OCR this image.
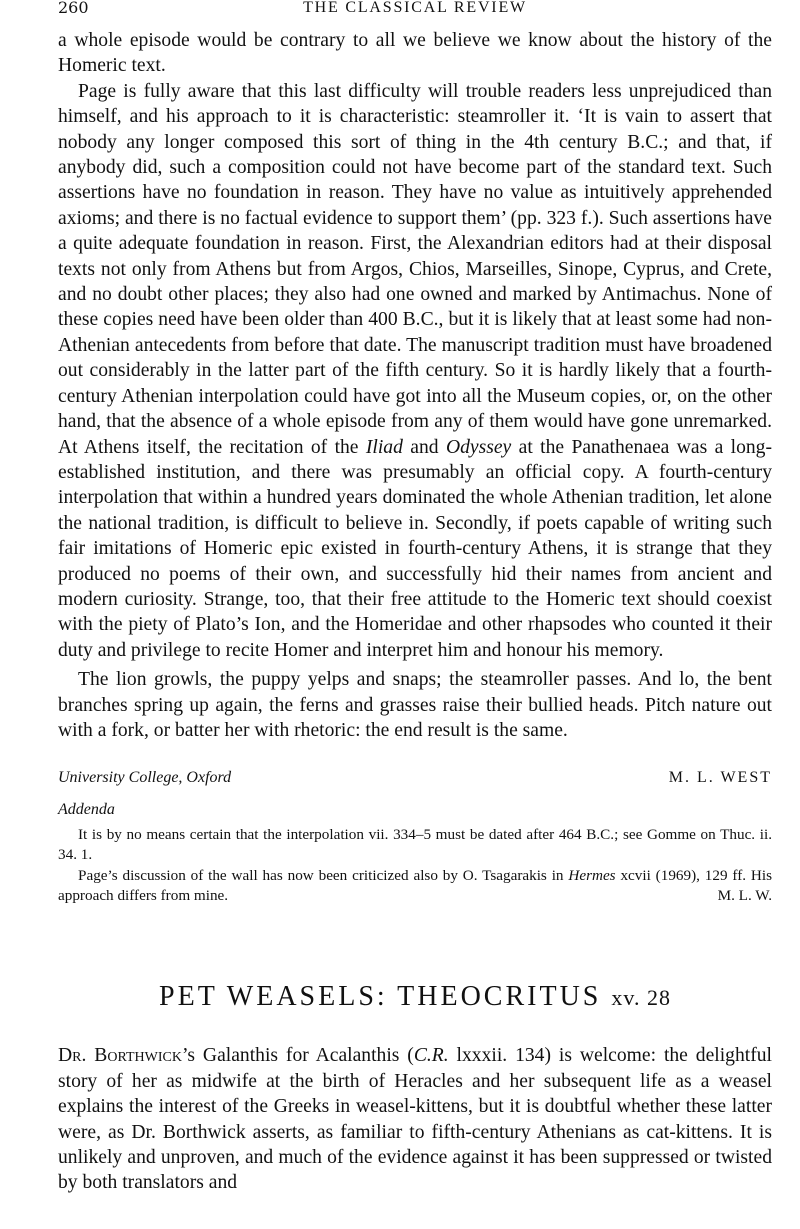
260	THE CLASSICAL REVIEW

a whole episode would be contrary to all we believe we know about the history of the Homeric text.

Page is fully aware that this last difficulty will trouble readers less unprejudiced than himself, and his approach to it is characteristic: steamroller it. ‘It is vain to assert that nobody any longer composed this sort of thing in the 4th century B.C.; and that, if anybody did, such a composition could not have become part of the standard text. Such assertions have no foundation in reason. They have no value as intuitively apprehended axioms; and there is no factual evidence to support them’ (pp. 323 f.). Such assertions have a quite adequate foundation in reason. First, the Alexandrian editors had at their disposal texts not only from Athens but from Argos, Chios, Marseilles, Sinope, Cyprus, and Crete, and no doubt other places; they also had one owned and marked by Antimachus. None of these copies need have been older than 400 B.C., but it is likely that at least some had non-Athenian antecedents from before that date. The manuscript tradition must have broadened out considerably in the latter part of the fifth century. So it is hardly likely that a fourth-century Athenian interpolation could have got into all the Museum copies, or, on the other hand, that the absence of a whole episode from any of them would have gone unremarked. At Athens itself, the recitation of the Iliad and Odyssey at the Panathenaea was a long-established institution, and there was presumably an official copy. A fourth-century interpolation that within a hundred years dominated the whole Athenian tradition, let alone the national tradition, is difficult to believe in. Secondly, if poets capable of writing such fair imitations of Homeric epic existed in fourth-century Athens, it is strange that they produced no poems of their own, and successfully hid their names from ancient and modern curiosity. Strange, too, that their free attitude to the Homeric text should coexist with the piety of Plato’s Ion, and the Homeridae and other rhapsodes who counted it their duty and privilege to recite Homer and interpret him and honour his memory.

The lion growls, the puppy yelps and snaps; the steamroller passes. And lo, the bent branches spring up again, the ferns and grasses raise their bullied heads. Pitch nature out with a fork, or batter her with rhetoric: the end result is the same.

University College, Oxford	M. L. WEST
Addenda

It is by no means certain that the interpolation vii. 334–5 must be dated after 464 B.C.; see Gomme on Thuc. ii. 34. 1.

Page’s discussion of the wall has now been criticized also by O. Tsagarakis in Hermes xcvii (1969), 129 ff. His approach differs from mine.	M. L. W.

PET WEASELS: THEOCRITUS xv. 28

Dr. Borthwick’s Galanthis for Acalanthis (C.R. lxxxii. 134) is welcome: the delightful story of her as midwife at the birth of Heracles and her subsequent life as a weasel explains the interest of the Greeks in weasel-kittens, but it is doubtful whether these latter were, as Dr. Borthwick asserts, as familiar to fifth-century Athenians as cat-kittens. It is unlikely and unproven, and much of the evidence against it has been suppressed or twisted by both translators and
